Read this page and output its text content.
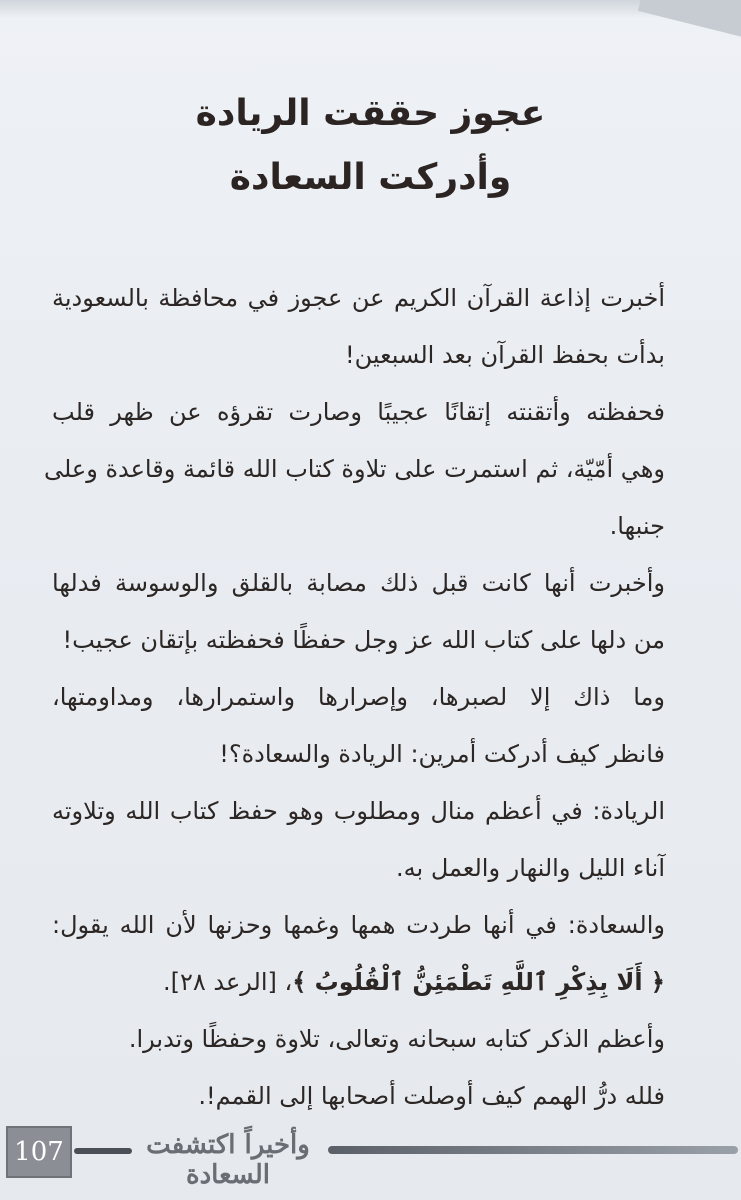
عجوز حققت الريادة
وأدركت السعادة

أخبرت إذاعة القرآن الكريم عن عجوز في محافظة بالسعودية
بدأت بحفظ القرآن بعد السبعين!

فحفظته وأتقنته إتقانًا عجيبًا وصارت تقرؤه عن ظهر قلب
وهي أمّيّة، ثم استمرت على تلاوة كتاب الله قائمة وقاعدة وعلى
جنبها.

وأخبرت أنها كانت قبل ذلك مصابة بالقلق والوسوسة فدلها
من دلها على كتاب الله عز وجل حفظًا فحفظته بإتقان عجيب!

وما ذاك إلا لصبرها، وإصرارها واستمرارها، ومداومتها،
فانظر كيف أدركت أمرين: الريادة والسعادة؟!

الريادة: في أعظم منال ومطلوب وهو حفظ كتاب الله وتلاوته
آناء الليل والنهار والعمل به.

والسعادة: في أنها طردت همها وغمها وحزنها لأن الله يقول:
﴿ أَلَا بِذِكْرِ ٱللَّهِ تَطْمَئِنُّ ٱلْقُلُوبُ ﴾، [الرعد ٢٨].

وأعظم الذكر كتابه سبحانه وتعالى، تلاوة وحفظًا وتدبرا.

فلله درُّ الهمم كيف أوصلت أصحابها إلى القمم!.

107	وأخيراً اكتشفت السعادة
